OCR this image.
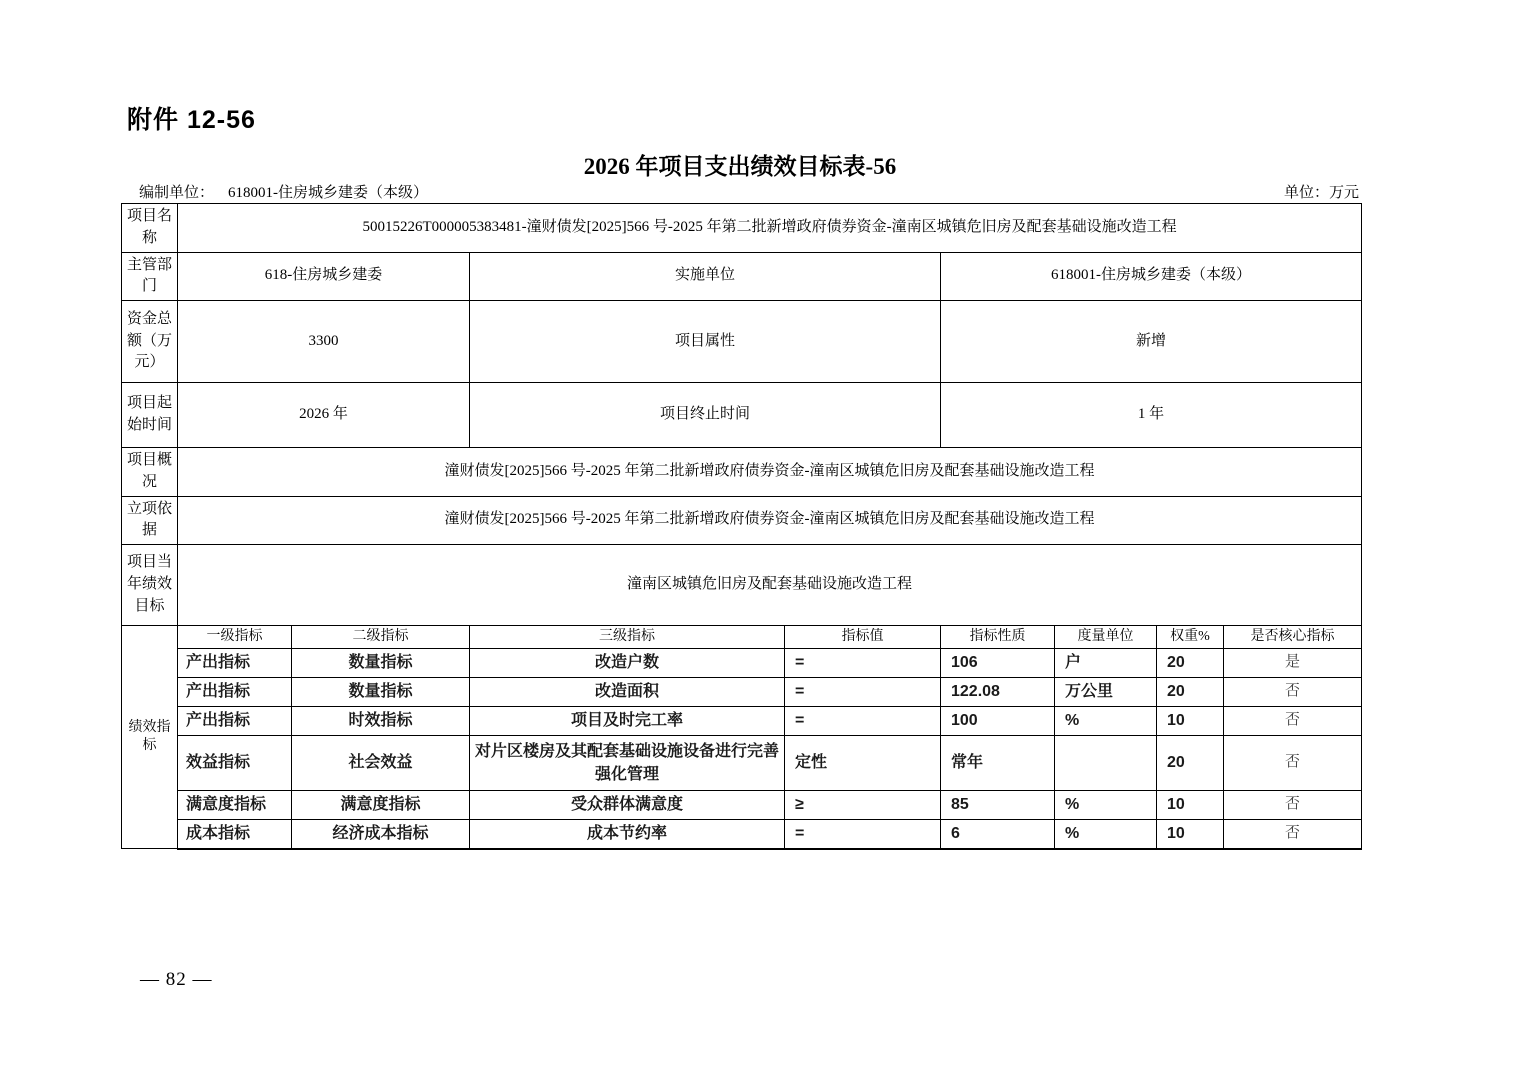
附件 12-56
2026 年项目支出绩效目标表-56
编制单位： 618001-住房城乡建委（本级）	单位：万元
项目名称	50015226T000005383481-潼财债发[2025]566 号-2025 年第二批新增政府债券资金-潼南区城镇危旧房及配套基础设施改造工程							
主管部门	618-住房城乡建委		实施单位		618001-住房城乡建委（本级）			
资金总额（万元）	3300		项目属性		新增			
项目起始时间	2026 年		项目终止时间		1 年			
项目概况	潼财债发[2025]566 号-2025 年第二批新增政府债券资金-潼南区城镇危旧房及配套基础设施改造工程							
立项依据	潼财债发[2025]566 号-2025 年第二批新增政府债券资金-潼南区城镇危旧房及配套基础设施改造工程							
项目当年绩效目标	潼南区城镇危旧房及配套基础设施改造工程							
绩效指标	一级指标	二级指标	三级指标	指标值	指标性质	度量单位	权重%	是否核心指标
	产出指标	数量指标	改造户数	=	106	户	20	是
	产出指标	数量指标	改造面积	=	122.08	万公里	20	否
	产出指标	时效指标	项目及时完工率	=	100	%	10	否
	效益指标	社会效益	对片区楼房及其配套基础设施设备进行完善强化管理	定性	常年		20	否
	满意度指标	满意度指标	受众群体满意度	≥	85	%	10	否
	成本指标	经济成本指标	成本节约率	=	6	%	10	否
— 82 —
